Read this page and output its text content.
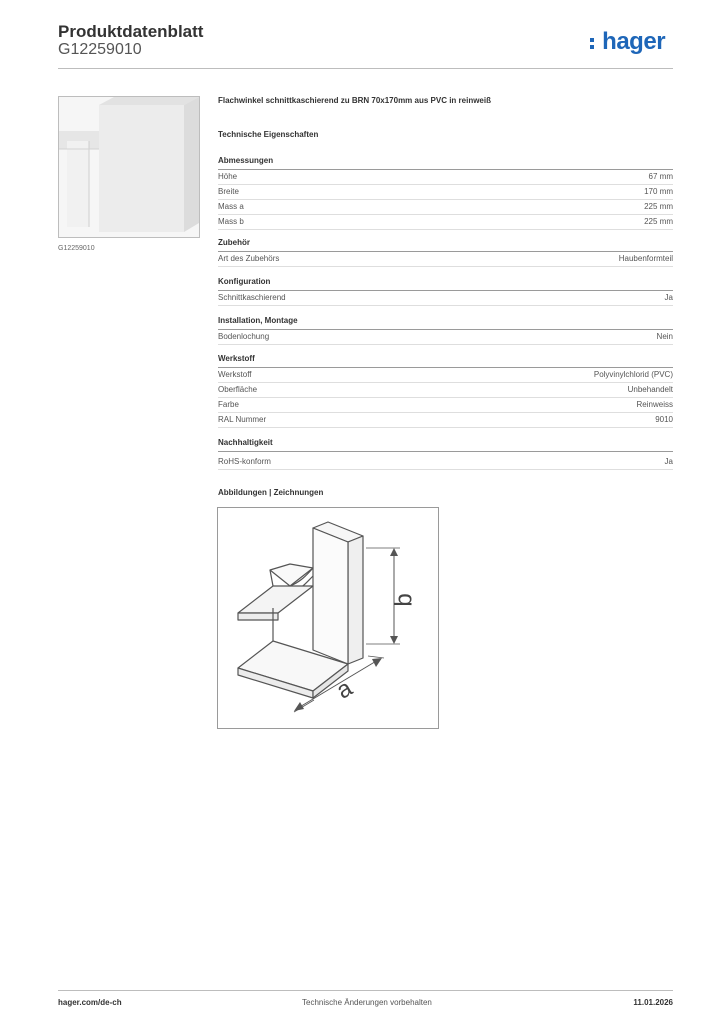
Produktdatenblatt
G12259010	hager
G12259010
Flachwinkel schnittkaschierend zu BRN 70x170mm aus PVC in reinweiß
Technische Eigenschaften
Abmessungen
Höhe	67 mm
Breite	170 mm
Mass a	225 mm
Mass b	225 mm
Zubehör
Art des Zubehörs	Haubenformteil
Konfiguration
Schnittkaschierend	Ja
Installation, Montage
Bodenlochung	Nein
Werkstoff
Werkstoff	Polyvinylchlorid (PVC)
Oberfläche	Unbehandelt
Farbe	Reinweiss
RAL Nummer	9010
Nachhaltigkeit
RoHS-konform	Ja
Abbildungen | Zeichnungen
b
a
hager.com/de-ch	Technische Änderungen vorbehalten	11.01.2026
